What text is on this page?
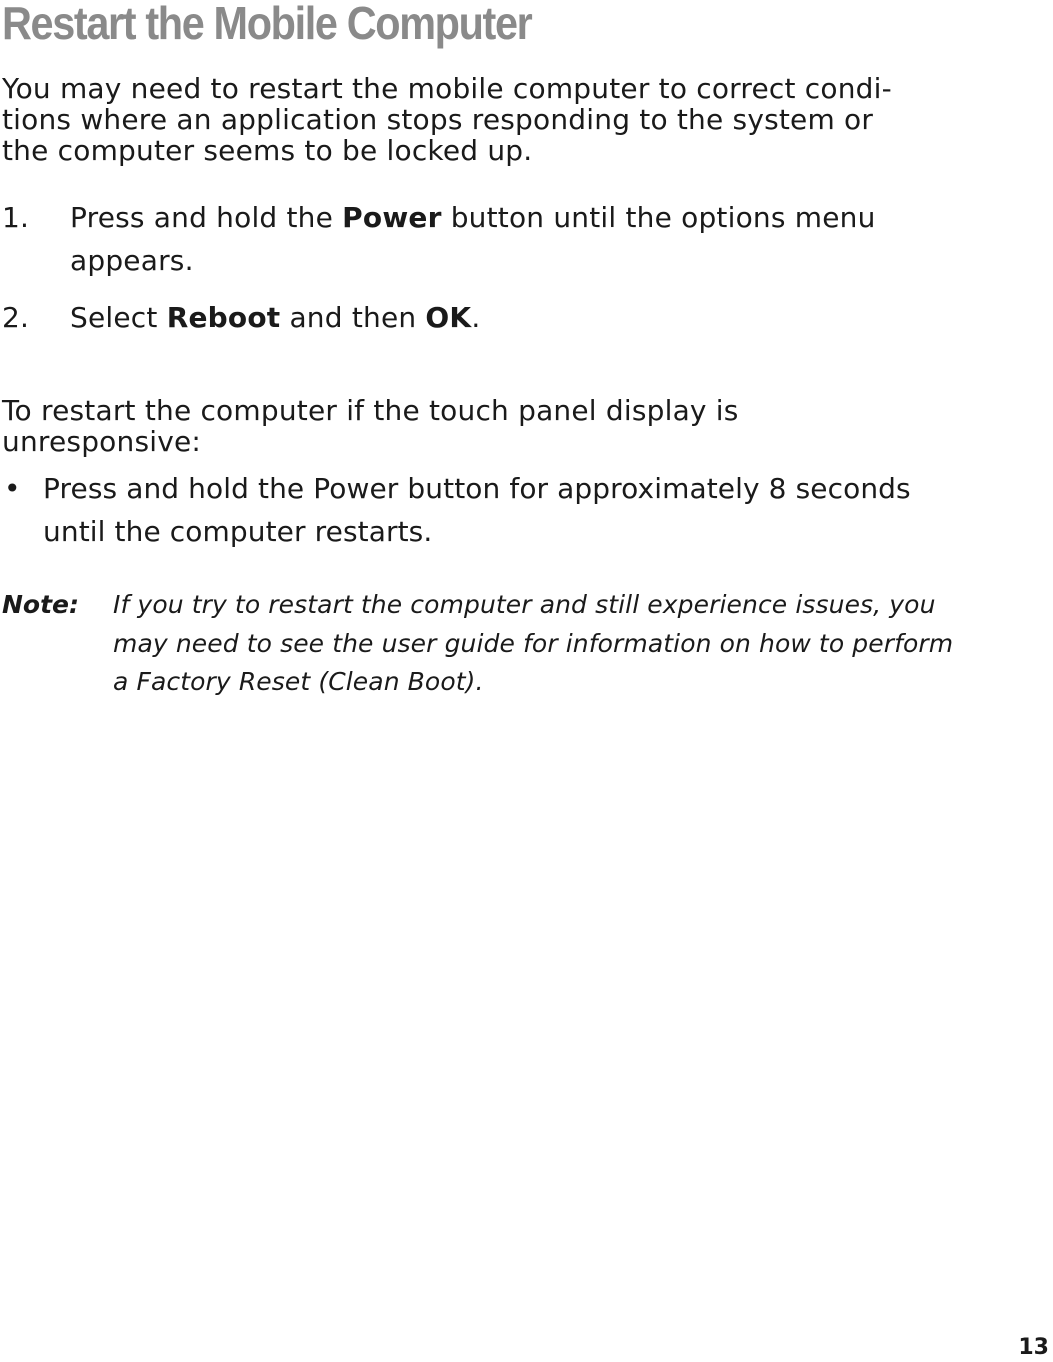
Restart the Mobile Computer

You may need to restart the mobile computer to correct condi-
tions where an application stops responding to the system or
the computer seems to be locked up.

1. Press and hold the Power button until the options menu
appears.
2. Select Reboot and then OK.

To restart the computer if the touch panel display is
unresponsive:

• Press and hold the Power button for approximately 8 seconds
until the computer restarts.
Note: If you try to restart the computer and still experience issues, you
may need to see the user guide for information on how to perform
a Factory Reset (Clean Boot).
13
